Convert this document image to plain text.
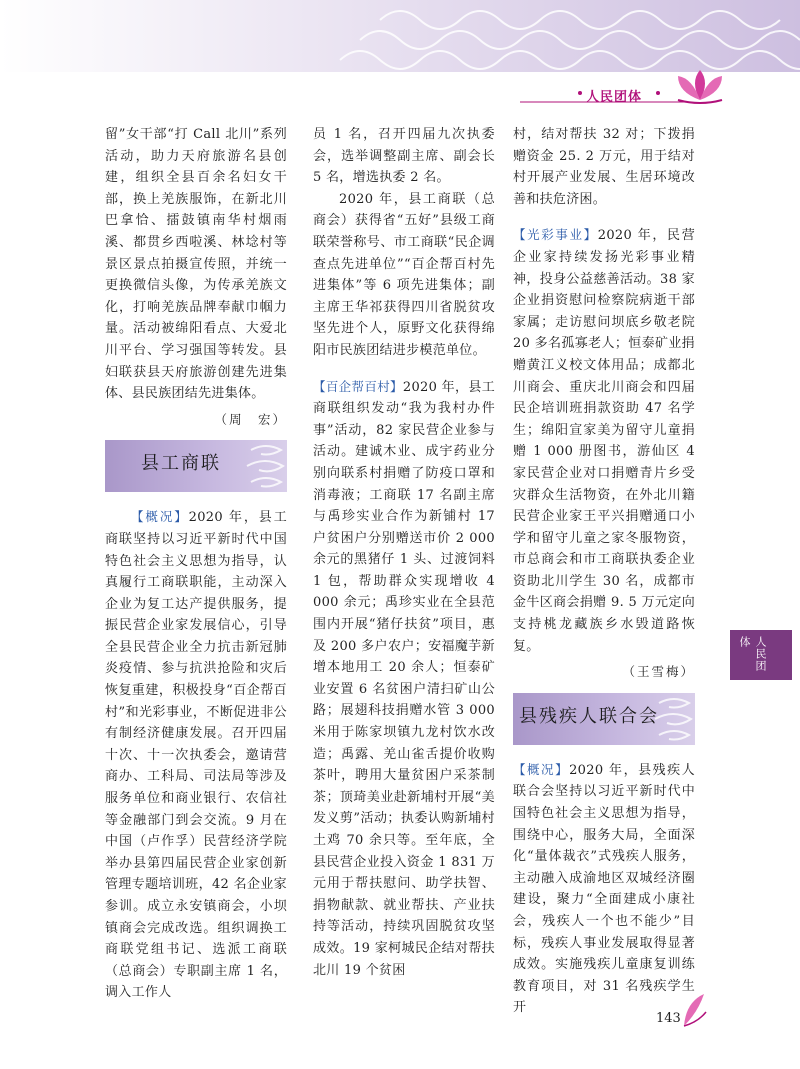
人民团体

留”女干部“打 Call 北川”系列活动，助力天府旅游名县创建，组织全县百余名妇女干部，换上羌族服饰，在新北川巴拿恰、擂鼓镇南华村烟雨溪、都贯乡西啦溪、林埝村等景区景点拍摄宣传照，并统一更换微信头像，为传承羌族文化，打响羌族品牌奉献巾帼力量。活动被绵阳看点、大爱北川平台、学习强国等转发。县妇联获县天府旅游创建先进集体、县民族团结先进集体。

（周　宏）
县工商联

【概况】2020 年，县工商联坚持以习近平新时代中国特色社会主义思想为指导，认真履行工商联职能，主动深入企业为复工达产提供服务，提振民营企业家发展信心，引导全县民营企业全力抗击新冠肺炎疫情、参与抗洪抢险和灾后恢复重建，积极投身“百企帮百村”和光彩事业，不断促进非公有制经济健康发展。召开四届十次、十一次执委会，邀请营商办、工科局、司法局等涉及服务单位和商业银行、农信社等金融部门到会交流。9 月在中国（卢作孚）民营经济学院举办县第四届民营企业家创新管理专题培训班，42 名企业家参训。成立永安镇商会，小坝镇商会完成改选。组织调换工商联党组书记、选派工商联（总商会）专职副主席 1 名，调入工作人

员 1 名，召开四届九次执委会，选举调整副主席、副会长 5 名，增选执委 2 名。

2020 年，县工商联（总商会）获得省“五好”县级工商联荣誉称号、市工商联“民企调查点先进单位”“百企帮百村先进集体”等 6 项先进集体；副主席王华祁获得四川省脱贫攻坚先进个人，原野文化获得绵阳市民族团结进步模范单位。

【百企帮百村】2020 年，县工商联组织发动“我为我村办件事”活动，82 家民营企业参与活动。建诚木业、成宇药业分别向联系村捐赠了防疫口罩和消毒液；工商联 17 名副主席与禹珍实业合作为新铺村 17 户贫困户分别赠送市价 2 000 余元的黑猪仔 1 头、过渡饲料 1 包，帮助群众实现增收 4 000 余元；禹珍实业在全县范围内开展“猪仔扶贫”项目，惠及 200 多户农户；安福魔芋新增本地用工 20 余人；恒泰矿业安置 6 名贫困户清扫矿山公路；展翅科技捐赠水管 3 000 米用于陈家坝镇九龙村饮水改造；禹露、羌山雀舌提价收购茶叶，聘用大量贫困户采茶制茶；顶琦美业赴新埔村开展“美发义剪”活动；执委认购新埔村土鸡 70 余只等。至年底，全县民营企业投入资金 1 831 万元用于帮扶慰问、助学扶智、捐物献款、就业帮扶、产业扶持等活动，持续巩固脱贫攻坚成效。19 家柯城民企结对帮扶北川 19 个贫困

村，结对帮扶 32 对；下拨捐赠资金 25. 2 万元，用于结对村开展产业发展、生居环境改善和扶危济困。

【光彩事业】2020 年，民营企业家持续发扬光彩事业精神，投身公益慈善活动。38 家企业捐资慰问检察院病逝干部家属；走访慰问坝底乡敬老院 20 多名孤寡老人；恒泰矿业捐赠黄江义校文体用品；成都北川商会、重庆北川商会和四届民企培训班捐款资助 47 名学生；绵阳宣家美为留守儿童捐赠 1 000 册图书，游仙区 4 家民营企业对口捐赠青片乡受灾群众生活物资，在外北川籍民营企业家王平兴捐赠通口小学和留守儿童之家冬服物资，市总商会和市工商联执委企业资助北川学生 30 名，成都市金牛区商会捐赠 9. 5 万元定向支持桃龙藏族乡水毁道路恢复。

（王雪梅）
县残疾人联合会

【概况】2020 年，县残疾人联合会坚持以习近平新时代中国特色社会主义思想为指导，围绕中心，服务大局，全面深化“量体裁衣”式残疾人服务，主动融入成渝地区双城经济圈建设，聚力“全面建成小康社会，残疾人一个也不能少”目标，残疾人事业发展取得显著成效。实施残疾儿童康复训练教育项目，对 31 名残疾学生开

人民团体
143
